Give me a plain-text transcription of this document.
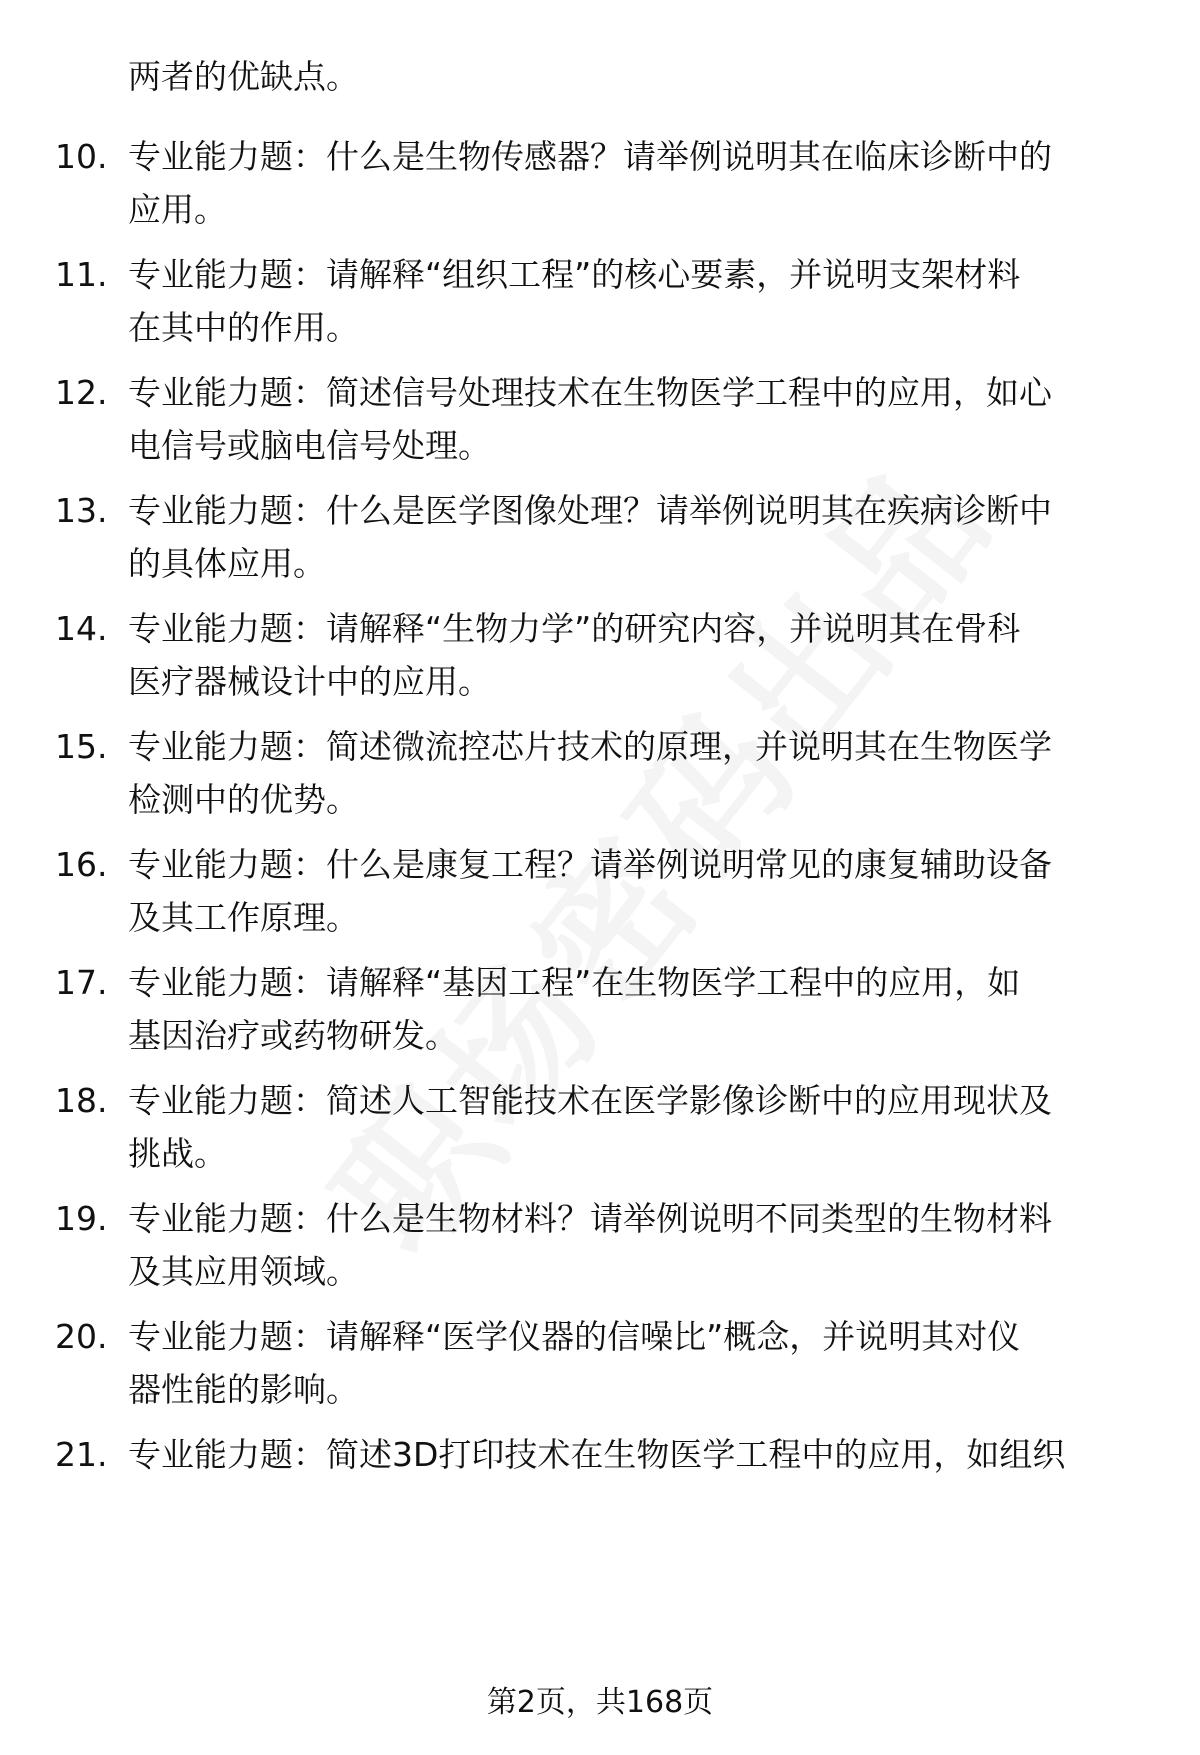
两者的优缺点。
10. 专业能力题：什么是生物传感器？请举例说明其在临床诊断中的
应用。
11. 专业能力题：请解释“组织工程”的核心要素，并说明支架材料
在其中的作用。
12. 专业能力题：简述信号处理技术在生物医学工程中的应用，如心
电信号或脑电信号处理。
13. 专业能力题：什么是医学图像处理？请举例说明其在疾病诊断中
的具体应用。
14. 专业能力题：请解释“生物力学”的研究内容，并说明其在骨科
医疗器械设计中的应用。
15. 专业能力题：简述微流控芯片技术的原理，并说明其在生物医学
检测中的优势。
16. 专业能力题：什么是康复工程？请举例说明常见的康复辅助设备
及其工作原理。
17. 专业能力题：请解释“基因工程”在生物医学工程中的应用，如
基因治疗或药物研发。
18. 专业能力题：简述人工智能技术在医学影像诊断中的应用现状及
挑战。
19. 专业能力题：什么是生物材料？请举例说明不同类型的生物材料
及其应用领域。
20. 专业能力题：请解释“医学仪器的信噪比”概念，并说明其对仪
器性能的影响。
21. 专业能力题：简述3D打印技术在生物医学工程中的应用，如组织
第2页，共168页
